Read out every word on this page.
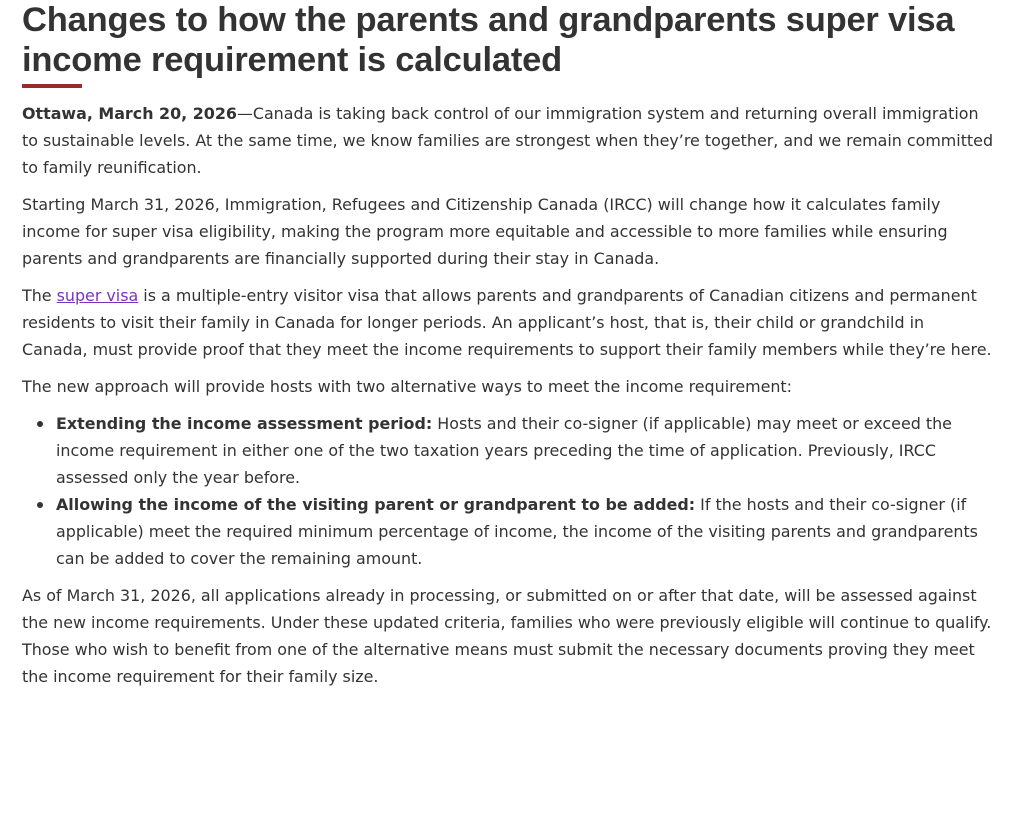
Changes to how the parents and grandparents super visa income requirement is calculated

Ottawa, March 20, 2026—Canada is taking back control of our immigration system and returning overall immigration to sustainable levels. At the same time, we know families are strongest when they’re together, and we remain committed to family reunification.

Starting March 31, 2026, Immigration, Refugees and Citizenship Canada (IRCC) will change how it calculates family income for super visa eligibility, making the program more equitable and accessible to more families while ensuring parents and grandparents are financially supported during their stay in Canada.

The super visa is a multiple-entry visitor visa that allows parents and grandparents of Canadian citizens and permanent residents to visit their family in Canada for longer periods. An applicant’s host, that is, their child or grandchild in Canada, must provide proof that they meet the income requirements to support their family members while they’re here.

The new approach will provide hosts with two alternative ways to meet the income requirement:

Extending the income assessment period: Hosts and their co-signer (if applicable) may meet or exceed the income requirement in either one of the two taxation years preceding the time of application. Previously, IRCC assessed only the year before.
Allowing the income of the visiting parent or grandparent to be added: If the hosts and their co-signer (if applicable) meet the required minimum percentage of income, the income of the visiting parents and grandparents can be added to cover the remaining amount.

As of March 31, 2026, all applications already in processing, or submitted on or after that date, will be assessed against the new income requirements. Under these updated criteria, families who were previously eligible will continue to qualify. Those who wish to benefit from one of the alternative means must submit the necessary documents proving they meet the income requirement for their family size.
